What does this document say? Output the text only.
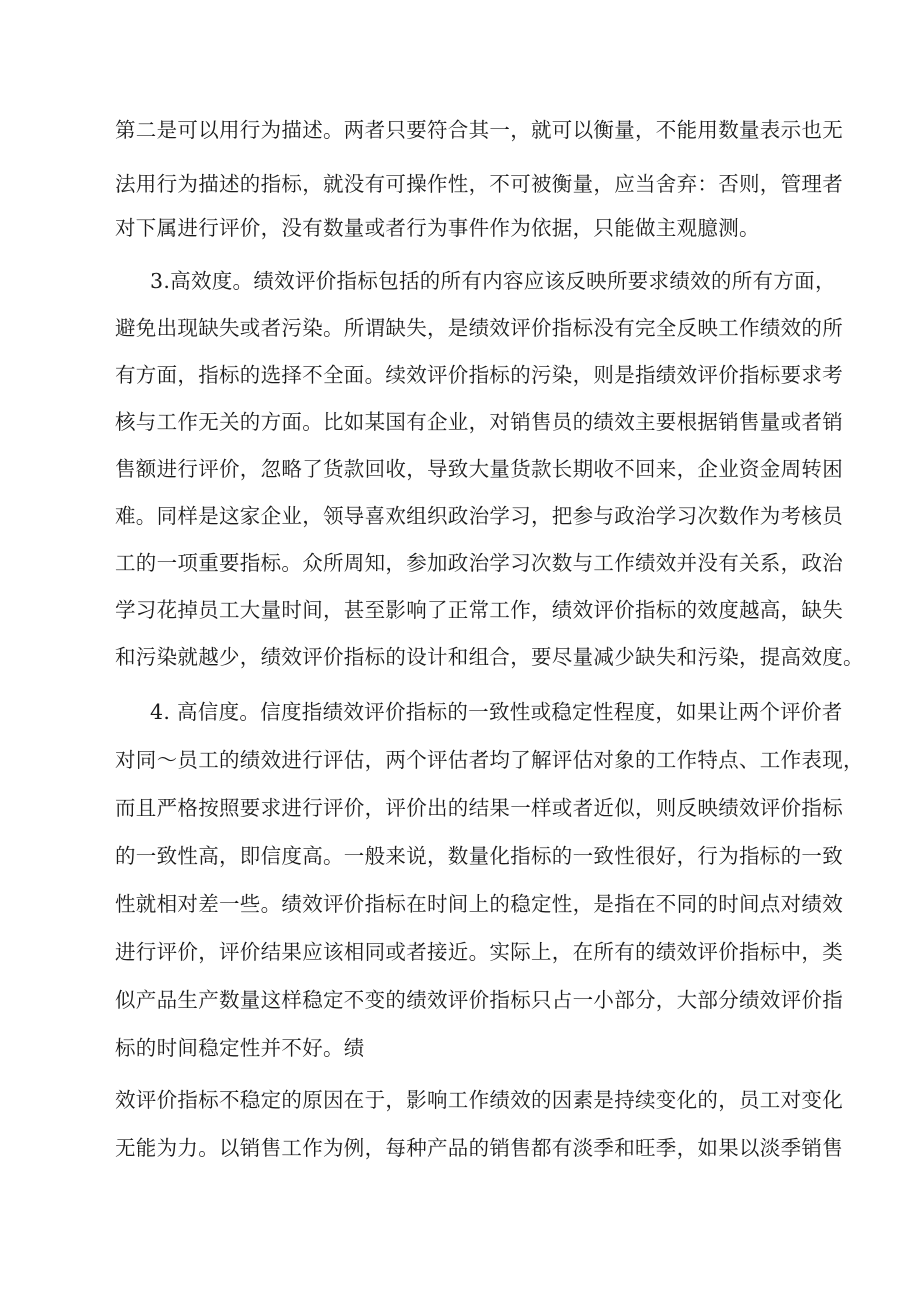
第二是可以用行为描述。两者只要符合其一，就可以衡量，不能用数量表示也无
法用行为描述的指标，就没有可操作性，不可被衡量，应当舍弃：否则，管理者
对下属进行评价，没有数量或者行为事件作为依据，只能做主观臆测。
3.高效度。绩效评价指标包括的所有内容应该反映所要求绩效的所有方面，
避免出现缺失或者污染。所谓缺失，是绩效评价指标没有完全反映工作绩效的所
有方面，指标的选择不全面。续效评价指标的污染，则是指绩效评价指标要求考
核与工作无关的方面。比如某国有企业，对销售员的绩效主要根据销售量或者销
售额进行评价，忽略了货款回收，导致大量货款长期收不回来，企业资金周转困
难。同样是这家企业，领导喜欢组织政治学习，把参与政治学习次数作为考核员
工的一项重要指标。众所周知，参加政治学习次数与工作绩效并没有关系，政治
学习花掉员工大量时间，甚至影响了正常工作，绩效评价指标的效度越高，缺失
和污染就越少，绩效评价指标的设计和组合，要尽量减少缺失和污染，提高效度。
4. 高信度。信度指绩效评价指标的一致性或稳定性程度，如果让两个评价者
对同～员工的绩效进行评估，两个评估者均了解评估对象的工作特点、工作表现，
而且严格按照要求进行评价，评价出的结果一样或者近似，则反映绩效评价指标
的一致性高，即信度高。一般来说，数量化指标的一致性很好，行为指标的一致
性就相对差一些。绩效评价指标在时间上的稳定性，是指在不同的时间点对绩效
进行评价，评价结果应该相同或者接近。实际上，在所有的绩效评价指标中，类
似产品生产数量这样稳定不变的绩效评价指标只占一小部分，大部分绩效评价指
标的时间稳定性并不好。绩
效评价指标不稳定的原因在于，影响工作绩效的因素是持续变化的，员工对变化
无能为力。以销售工作为例，每种产品的销售都有淡季和旺季，如果以淡季销售
